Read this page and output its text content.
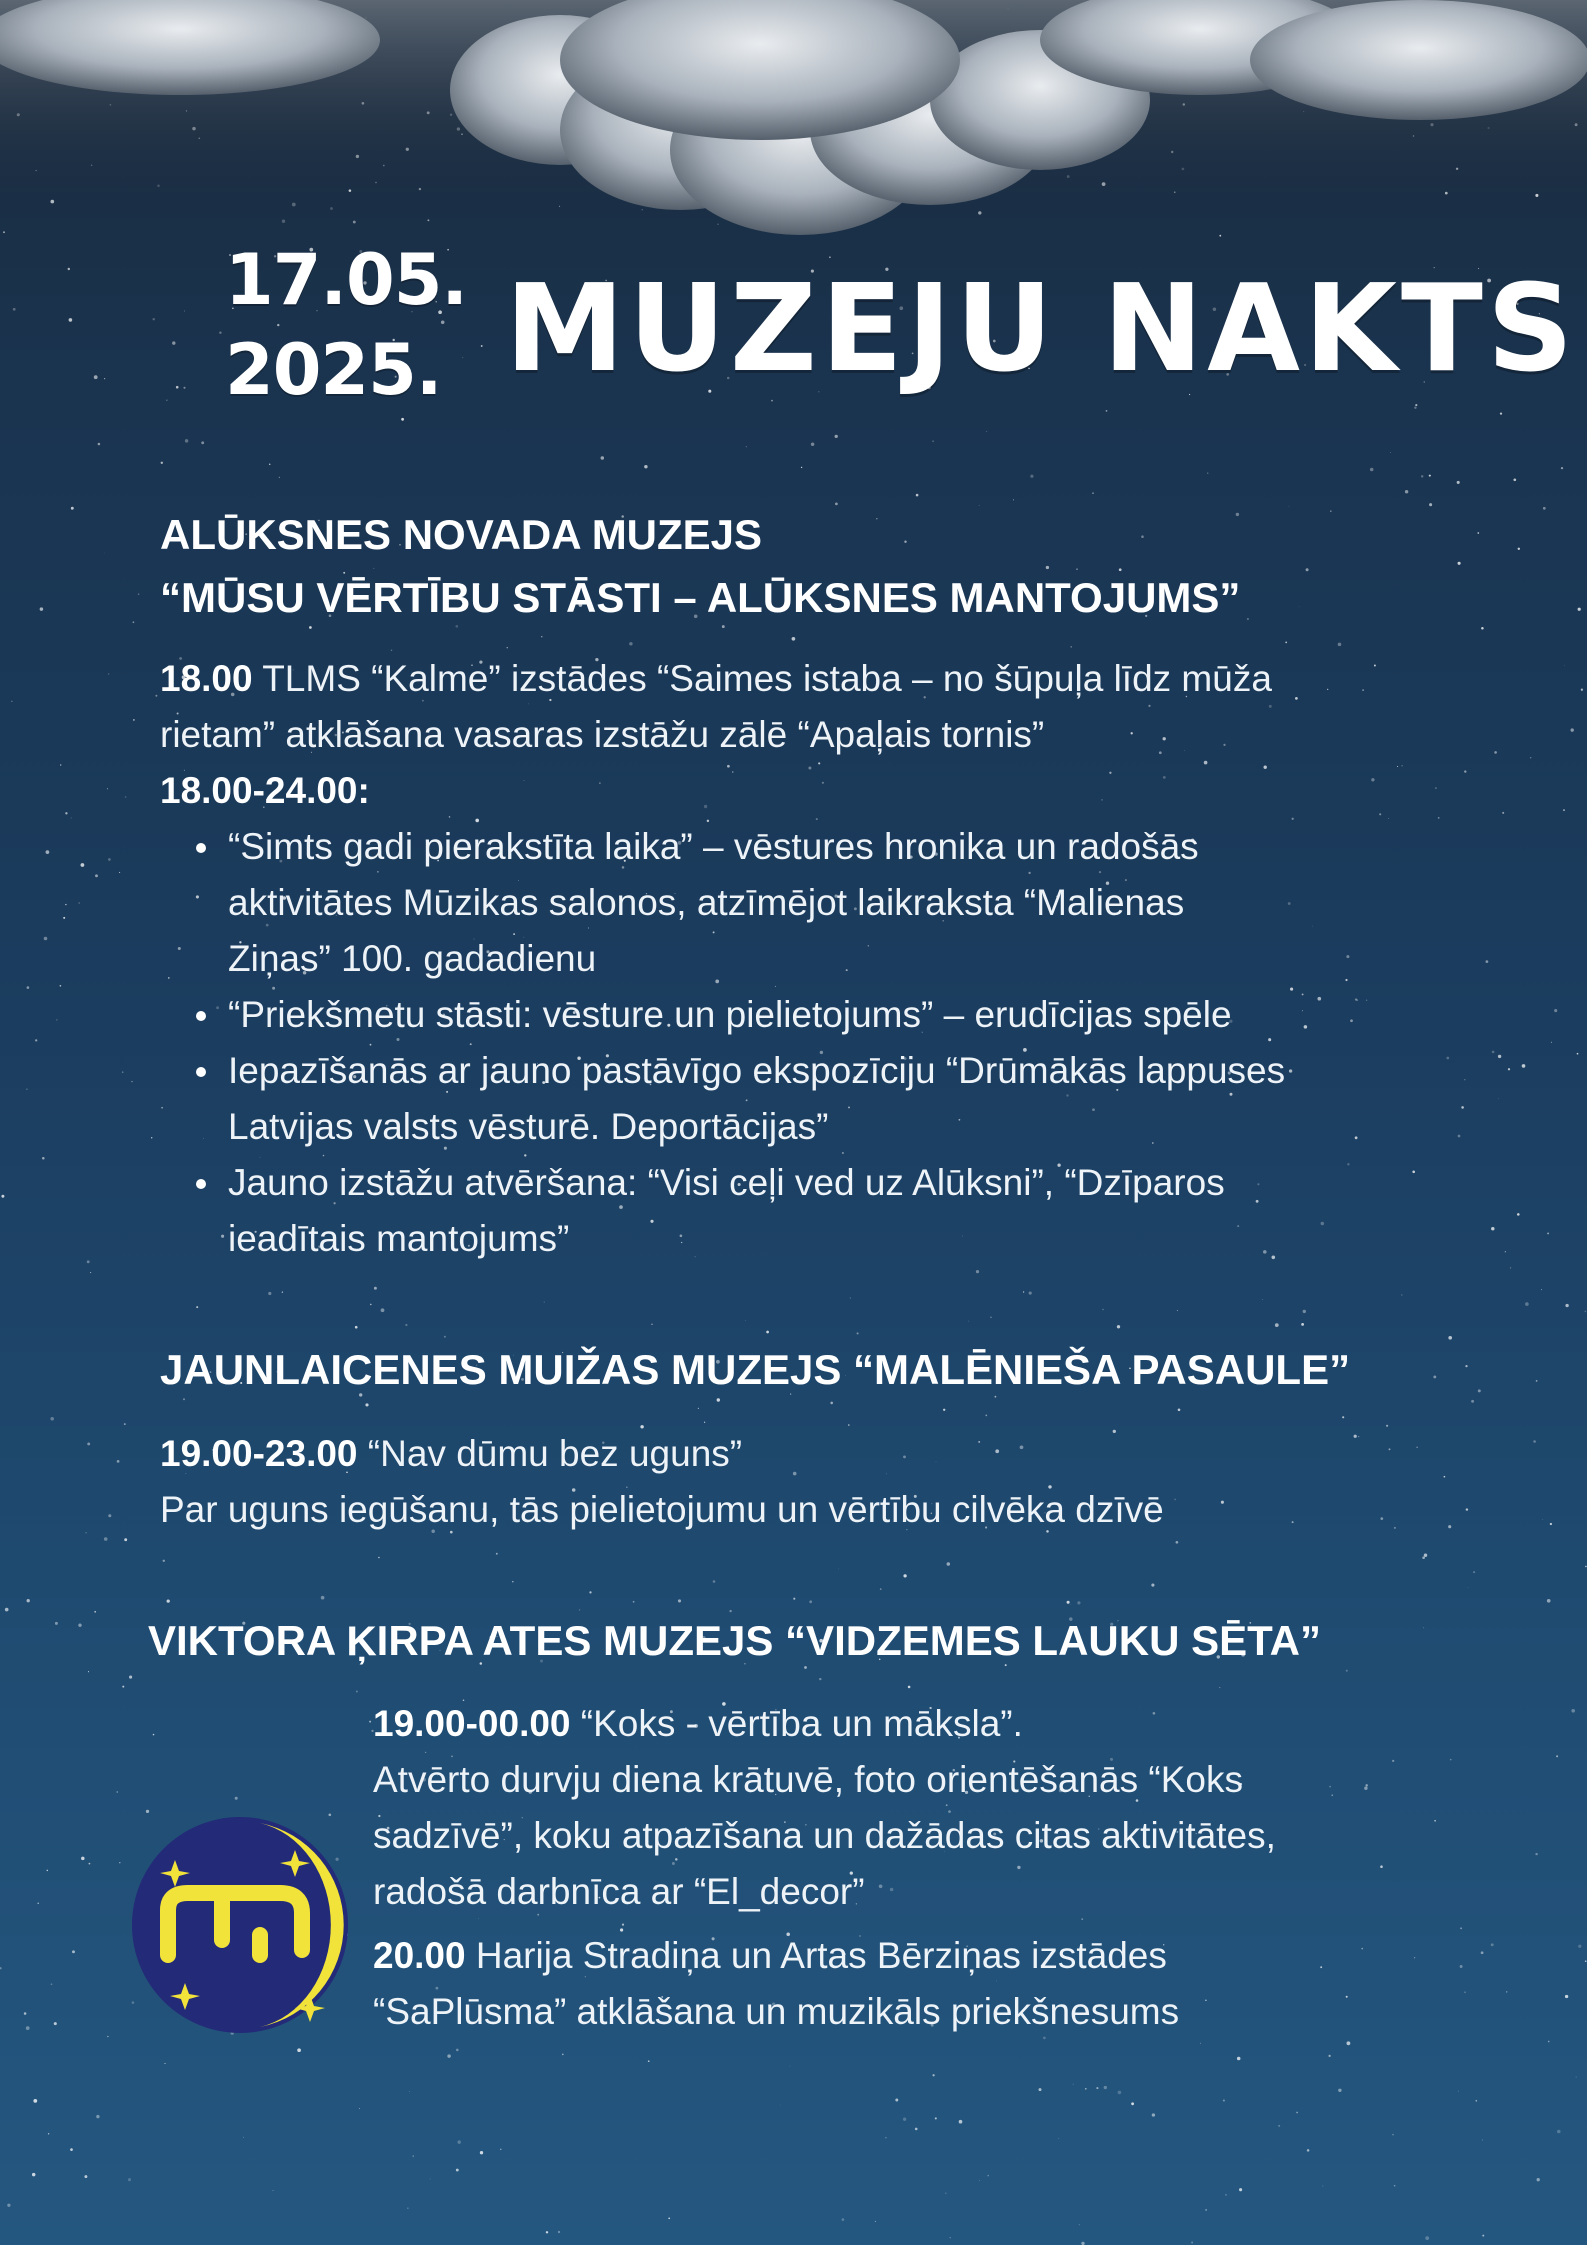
17.05.
2025. MUZEJU NAKTS
ALŪKSNES NOVADA MUZEJS
“MŪSU VĒRTĪBU STĀSTI – ALŪKSNES MANTOJUMS”
18.00 TLMS “Kalme” izstādes “Saimes istaba – no šūpuļa līdz mūža
rietam” atklāšana vasaras izstāžu zālē “Apaļais tornis”
18.00-24.00:
“Simts gadi pierakstīta laika” – vēstures hronika un radošās
aktivitātes Mūzikas salonos, atzīmējot laikraksta “Malienas
Ziņas” 100. gadadienu
“Priekšmetu stāsti: vēsture un pielietojums” – erudīcijas spēle
Iepazīšanās ar jauno pastāvīgo ekspozīciju “Drūmākās lappuses
Latvijas valsts vēsturē. Deportācijas”
Jauno izstāžu atvēršana: “Visi ceļi ved uz Alūksni”, “Dzīparos
ieadītais mantojums”
JAUNLAICENES MUIŽAS MUZEJS “MALĒNIEŠA PASAULE”
19.00-23.00 “Nav dūmu bez uguns”
Par uguns iegūšanu, tās pielietojumu un vērtību cilvēka dzīvē
VIKTORA ĶIRPA ATES MUZEJS “VIDZEMES LAUKU SĒTA”
19.00-00.00 “Koks - vērtība un māksla”.
Atvērto durvju diena krātuvē, foto orientēšanās “Koks
sadzīvē”, koku atpazīšana un dažādas citas aktivitātes,
radošā darbnīca ar “El_decor”
20.00 Harija Stradiņa un Artas Bērziņas izstādes
“SaPlūsma” atklāšana un muzikāls priekšnesums
